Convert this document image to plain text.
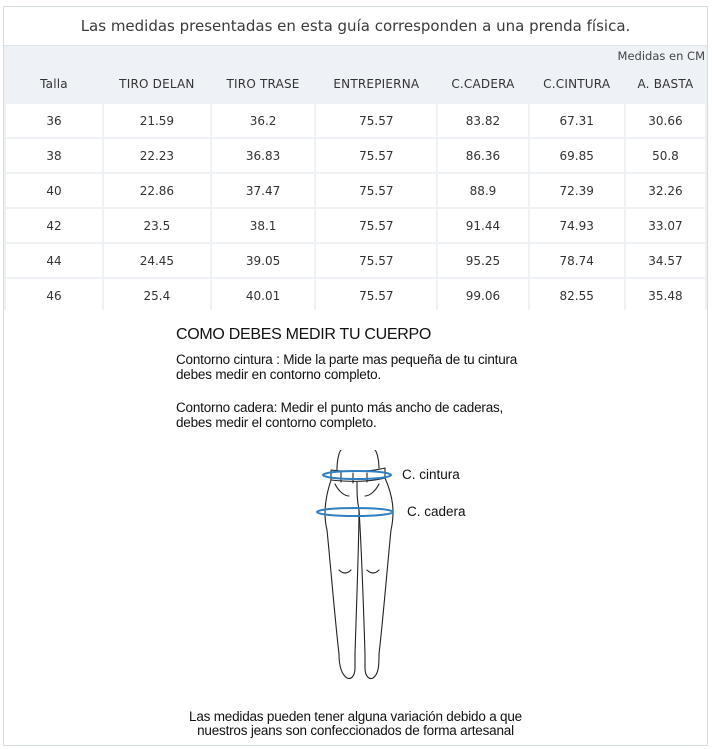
Las medidas presentadas en esta guía corresponden a una prenda física.
Medidas en CM
Talla	TIRO DELAN	TIRO TRASE	ENTREPIERNA	C.CADERA	C.CINTURA	A. BASTA
36	21.59	36.2	75.57	83.82	67.31	30.66
38	22.23	36.83	75.57	86.36	69.85	50.8
40	22.86	37.47	75.57	88.9	72.39	32.26
42	23.5	38.1	75.57	91.44	74.93	33.07
44	24.45	39.05	75.57	95.25	78.74	34.57
46	25.4	40.01	75.57	99.06	82.55	35.48
COMO DEBES MEDIR TU CUERPO
Contorno cintura : Mide la parte mas pequeña de tu cintura
debes medir en contorno completo.
Contorno cadera: Medir el punto más ancho de caderas,
debes medir el contorno completo.
C. cintura
C. cadera
Las medidas pueden tener alguna variación debido a que
nuestros jeans son confeccionados de forma artesanal
